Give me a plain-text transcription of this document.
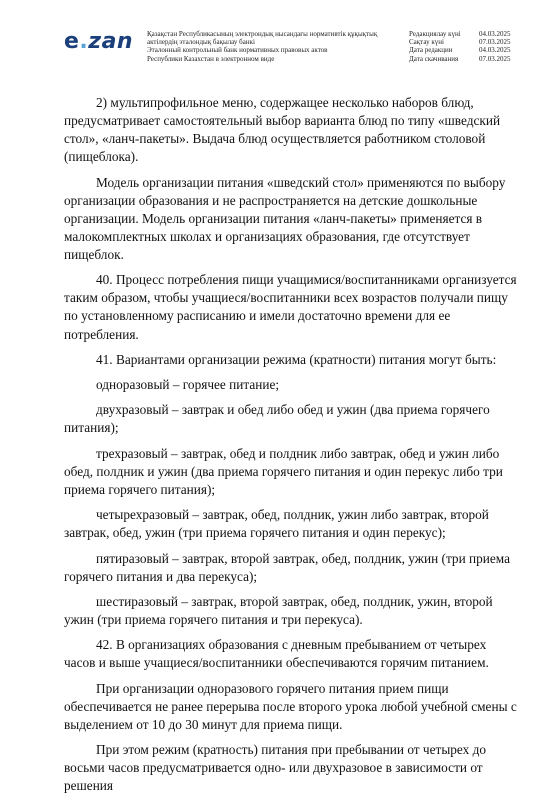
e.zan Қазақстан Республикасының электрондық нысандағы нормативтік құқықтық
актілердің эталондық бақылау банкі
Эталонный контрольный банк нормативных правовых актов
Республики Казахстан в электронном виде
Редакциялау күні	04.03.2025
Сақтау күні	07.03.2025
Дата редакции	04.03.2025
Дата скачивания	07.03.2025

2) мультипрофильное меню, содержащее несколько наборов блюд, предусматривает самостоятельный выбор варианта блюд по типу «шведский стол», «ланч-пакеты». Выдача блюд осуществляется работником столовой (пищеблока).

Модель организации питания «шведский стол» применяются по выбору организации образования и не распространяется на детские дошкольные организации. Модель организации питания «ланч-пакеты» применяется в малокомплектных школах и организациях образования, где отсутствует пищеблок.

40. Процесс потребления пищи учащимися/воспитанниками организуется таким образом, чтобы учащиеся/воспитанники всех возрастов получали пищу по установленному расписанию и имели достаточно времени для ее потребления.

41. Вариантами организации режима (кратности) питания могут быть:

одноразовый – горячее питание;

двухразовый – завтрак и обед либо обед и ужин (два приема горячего питания);

трехразовый – завтрак, обед и полдник либо завтрак, обед и ужин либо обед, полдник и ужин (два приема горячего питания и один перекус либо три приема горячего питания);

четырехразовый – завтрак, обед, полдник, ужин либо завтрак, второй завтрак, обед, ужин (три приема горячего питания и один перекус);

пятиразовый – завтрак, второй завтрак, обед, полдник, ужин (три приема горячего питания и два перекуса);

шестиразовый – завтрак, второй завтрак, обед, полдник, ужин, второй ужин (три приема горячего питания и три перекуса).

42. В организациях образования с дневным пребыванием от четырех часов и выше учащиеся/воспитанники обеспечиваются горячим питанием.

При организации одноразового горячего питания прием пищи обеспечивается не ранее перерыва после второго урока любой учебной смены с выделением от 10 до 30 минут для приема пищи.

При этом режим (кратность) питания при пребывании от четырех до восьми часов предусматривается одно- или двухразовое в зависимости от решения
